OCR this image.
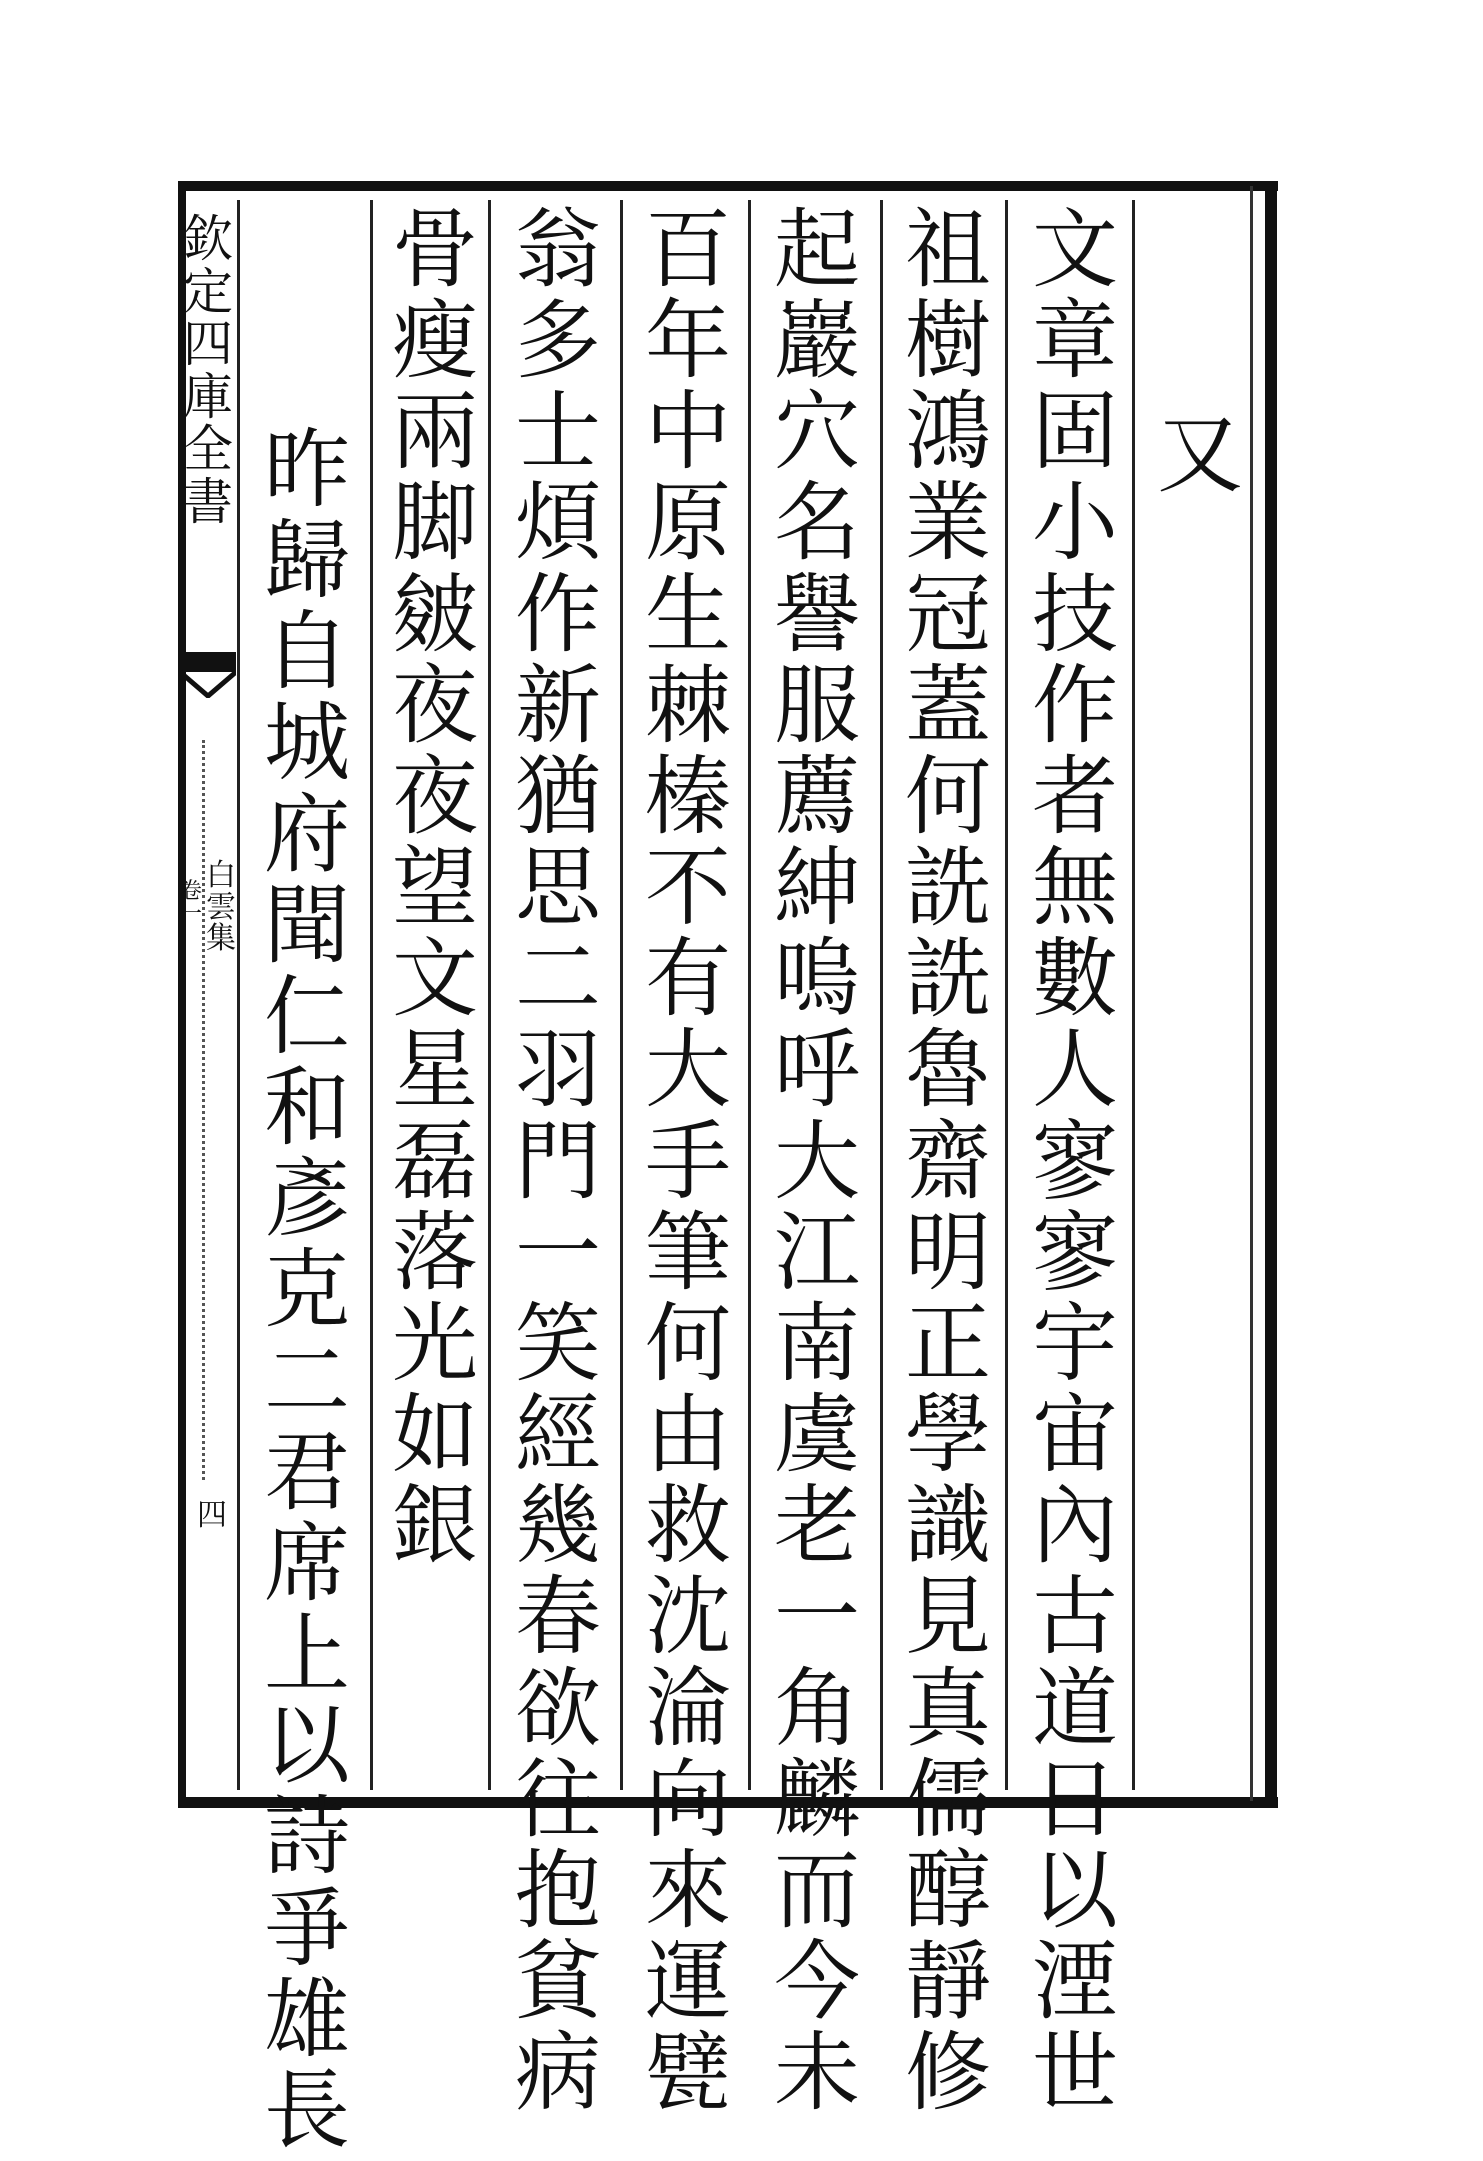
欽定四庫全書
白雲集
卷一
四
又
文章固小技作者無數人寥寥宇宙內古道日以湮世
祖樹鴻業冠蓋何詵詵魯齋明正學識見真儒醇靜修
起巖穴名譽服薦紳嗚呼大江南虞老一角麟而今未
百年中原生棘榛不有大手筆何由救沈淪向來運甓
翁多士煩作新猶思二羽門一笑經幾春欲往抱貧病
骨瘦兩脚皴夜夜望文星磊落光如銀
昨歸自城府聞仁和彥克二君席上以詩爭雄長
